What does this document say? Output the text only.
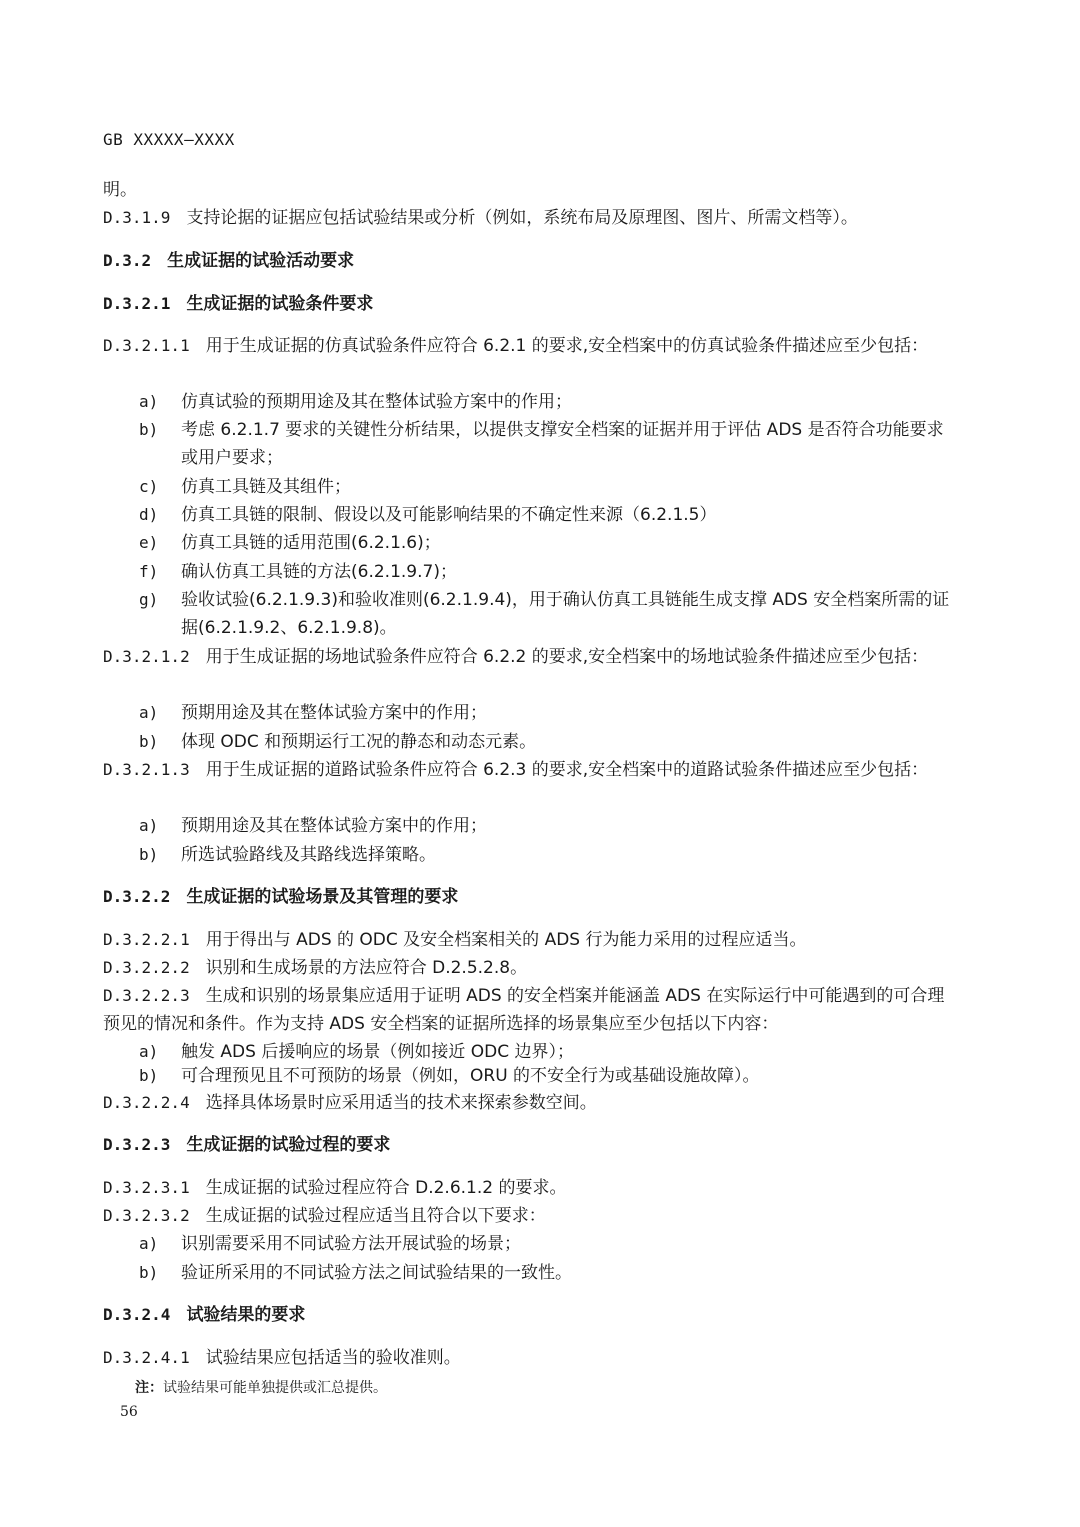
GB XXXXX—XXXX

明。

D.3.1.9 支持论据的证据应包括试验结果或分析（例如，系统布局及原理图、图片、所需文档等）。

D.3.2 生成证据的试验活动要求

D.3.2.1 生成证据的试验条件要求

D.3.2.1.1 用于生成证据的仿真试验条件应符合 6.2.1 的要求,安全档案中的仿真试验条件描述应至少包括：

a)	仿真试验的预期用途及其在整体试验方案中的作用；

b)	考虑 6.2.1.7 要求的关键性分析结果，以提供支撑安全档案的证据并用于评估 ADS 是否符合功能要求或用户要求；

c)	仿真工具链及其组件；

d)	仿真工具链的限制、假设以及可能影响结果的不确定性来源（6.2.1.5）

e)	仿真工具链的适用范围(6.2.1.6)；

f)	确认仿真工具链的方法(6.2.1.9.7)；

g)	验收试验(6.2.1.9.3)和验收准则(6.2.1.9.4)，用于确认仿真工具链能生成支撑 ADS 安全档案所需的证据(6.2.1.9.2、6.2.1.9.8)。

D.3.2.1.2 用于生成证据的场地试验条件应符合 6.2.2 的要求,安全档案中的场地试验条件描述应至少包括：

a)	预期用途及其在整体试验方案中的作用；

b)	体现 ODC 和预期运行工况的静态和动态元素。

D.3.2.1.3 用于生成证据的道路试验条件应符合 6.2.3 的要求,安全档案中的道路试验条件描述应至少包括：

a)	预期用途及其在整体试验方案中的作用；

b)	所选试验路线及其路线选择策略。

D.3.2.2 生成证据的试验场景及其管理的要求

D.3.2.2.1 用于得出与 ADS 的 ODC 及安全档案相关的 ADS 行为能力采用的过程应适当。

D.3.2.2.2 识别和生成场景的方法应符合 D.2.5.2.8。

D.3.2.2.3 生成和识别的场景集应适用于证明 ADS 的安全档案并能涵盖 ADS 在实际运行中可能遇到的可合理预见的情况和条件。作为支持 ADS 安全档案的证据所选择的场景集应至少包括以下内容：

a)	触发 ADS 后援响应的场景（例如接近 ODC 边界）；

b)	可合理预见且不可预防的场景（例如，ORU 的不安全行为或基础设施故障）。

D.3.2.2.4 选择具体场景时应采用适当的技术来探索参数空间。

D.3.2.3 生成证据的试验过程的要求

D.3.2.3.1 生成证据的试验过程应符合 D.2.6.1.2 的要求。

D.3.2.3.2 生成证据的试验过程应适当且符合以下要求：

a)	识别需要采用不同试验方法开展试验的场景；

b)	验证所采用的不同试验方法之间试验结果的一致性。

D.3.2.4 试验结果的要求

D.3.2.4.1 试验结果应包括适当的验收准则。

注：试验结果可能单独提供或汇总提供。
56
